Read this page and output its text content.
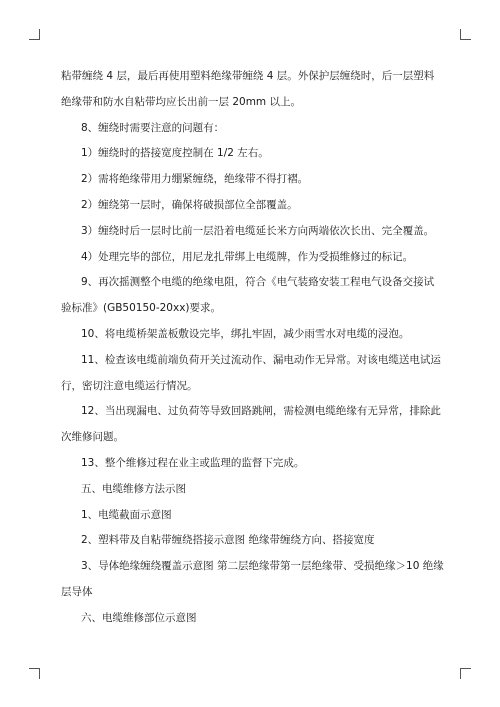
粘带缠绕 4 层，最后再使用塑料绝缘带缠绕 4 层。外保护层缠绕时，后一层塑料绝缘带和防水自粘带均应长出前一层 20mm 以上。

8、缠绕时需要注意的问题有：

1）缠绕时的搭接宽度控制在 1/2 左右。

2）需将绝缘带用力绷紧缠绕，绝缘带不得打褶。

2）缠绕第一层时，确保将破损部位全部覆盖。

3）缠绕时后一层时比前一层沿着电缆延长米方向两端依次长出、完全覆盖。

4）处理完毕的部位，用尼龙扎带绑上电缆牌，作为受损维修过的标记。

9、再次摇测整个电缆的绝缘电阻，符合《电气装臵安装工程电气设备交接试验标准》(GB50150-20xx)要求。

10、将电缆桥架盖板敷设完毕，绑扎牢固，减少雨雪水对电缆的浸泡。

11、检查该电缆前端负荷开关过流动作、漏电动作无异常。对该电缆送电试运行，密切注意电缆运行情况。

12、当出现漏电、过负荷等导致回路跳闸，需检测电缆绝缘有无异常，排除此次维修问题。

13、整个维修过程在业主或监理的监督下完成。

五、电缆维修方法示图

1、电缆截面示意图

2、塑料带及自粘带缠绕搭接示意图 绝缘带缠绕方向、搭接宽度

3、导体绝缘缠绕覆盖示意图 第二层绝缘带第一层绝缘带、受损绝缘＞10 绝缘层导体

六、电缆维修部位示意图
